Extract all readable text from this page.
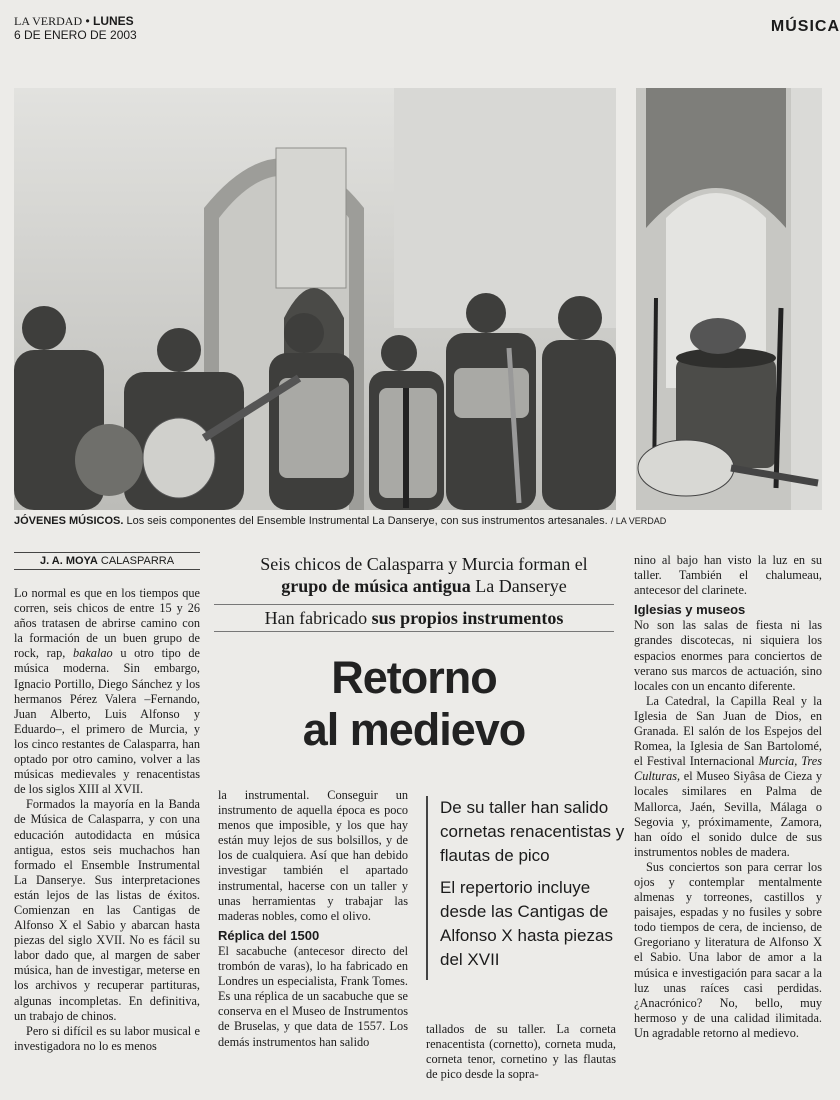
LA VERDAD • LUNES
6 DE ENERO DE 2003	MÚSICA
JÓVENES MÚSICOS. Los seis componentes del Ensemble Instrumental La Danserye, con sus instrumentos artesanales. / LA VERDAD
J. A. MOYA CALASPARRA

Lo normal es que en los tiempos que corren, seis chicos de entre 15 y 26 años tratasen de abrirse camino con la formación de un buen grupo de rock, rap, bakalao u otro tipo de música moderna. Sin embargo, Ignacio Portillo, Diego Sánchez y los hermanos Pérez Valera –Fernando, Juan Alberto, Luis Alfonso y Eduardo–, el primero de Murcia, y los cinco restantes de Calasparra, han optado por otro camino, volver a las músicas medievales y renacentistas de los siglos XIII al XVII.

Formados la mayoría en la Banda de Música de Calasparra, y con una educación autodidacta en música antigua, estos seis muchachos han formado el Ensemble Instrumental La Danserye. Sus interpretaciones están lejos de las listas de éxitos. Comienzan en las Cantigas de Alfonso X el Sabio y abarcan hasta piezas del siglo XVII. No es fácil su labor dado que, al margen de saber música, han de investigar, meterse en los archivos y recuperar partituras, algunas incompletas. En definitiva, un trabajo de chinos.

Pero si difícil es su labor musical e investigadora no lo es menos

Seis chicos de Calasparra y Murcia forman el
grupo de música antigua La Danserye
Han fabricado sus propios instrumentos
Retorno
al medievo

la instrumental. Conseguir un instrumento de aquella época es poco menos que imposible, y los que hay están muy lejos de sus bolsillos, y de los de cualquiera. Así que han debido investigar también el apartado instrumental, hacerse con un taller y unas herramientas y trabajar las maderas nobles, como el olivo.

Réplica del 1500

El sacabuche (antecesor directo del trombón de varas), lo ha fabricado en Londres un especialista, Frank Tomes. Es una réplica de un sacabuche que se conserva en el Museo de Instrumentos de Bruselas, y que data de 1557. Los demás instrumentos han salido

De su taller han salido cornetas renacentistas y flautas de pico

El repertorio incluye desde las Cantigas de Alfonso X hasta piezas del XVII

tallados de su taller. La corneta renacentista (cornetto), corneta muda, corneta tenor, cornetino y las flautas de pico desde la sopra-

nino al bajo han visto la luz en su taller. También el chalumeau, antecesor del clarinete.

Iglesias y museos

No son las salas de fiesta ni las grandes discotecas, ni siquiera los espacios enormes para conciertos de verano sus marcos de actuación, sino locales con un encanto diferente.

La Catedral, la Capilla Real y la Iglesia de San Juan de Dios, en Granada. El salón de los Espejos del Romea, la Iglesia de San Bartolomé, el Festival Internacional Murcia, Tres Culturas, el Museo Siyâsa de Cieza y locales similares en Palma de Mallorca, Jaén, Sevilla, Málaga o Segovia y, próximamente, Zamora, han oído el sonido dulce de sus instrumentos nobles de madera.

Sus conciertos son para cerrar los ojos y contemplar mentalmente almenas y torreones, castillos y paisajes, espadas y no fusiles y sobre todo tiempos de cera, de incienso, de Gregoriano y literatura de Alfonso X el Sabio. Una labor de amor a la música e investigación para sacar a la luz unas raíces casi perdidas. ¿Anacrónico? No, bello, muy hermoso y de una calidad ilimitada. Un agradable retorno al medievo.
